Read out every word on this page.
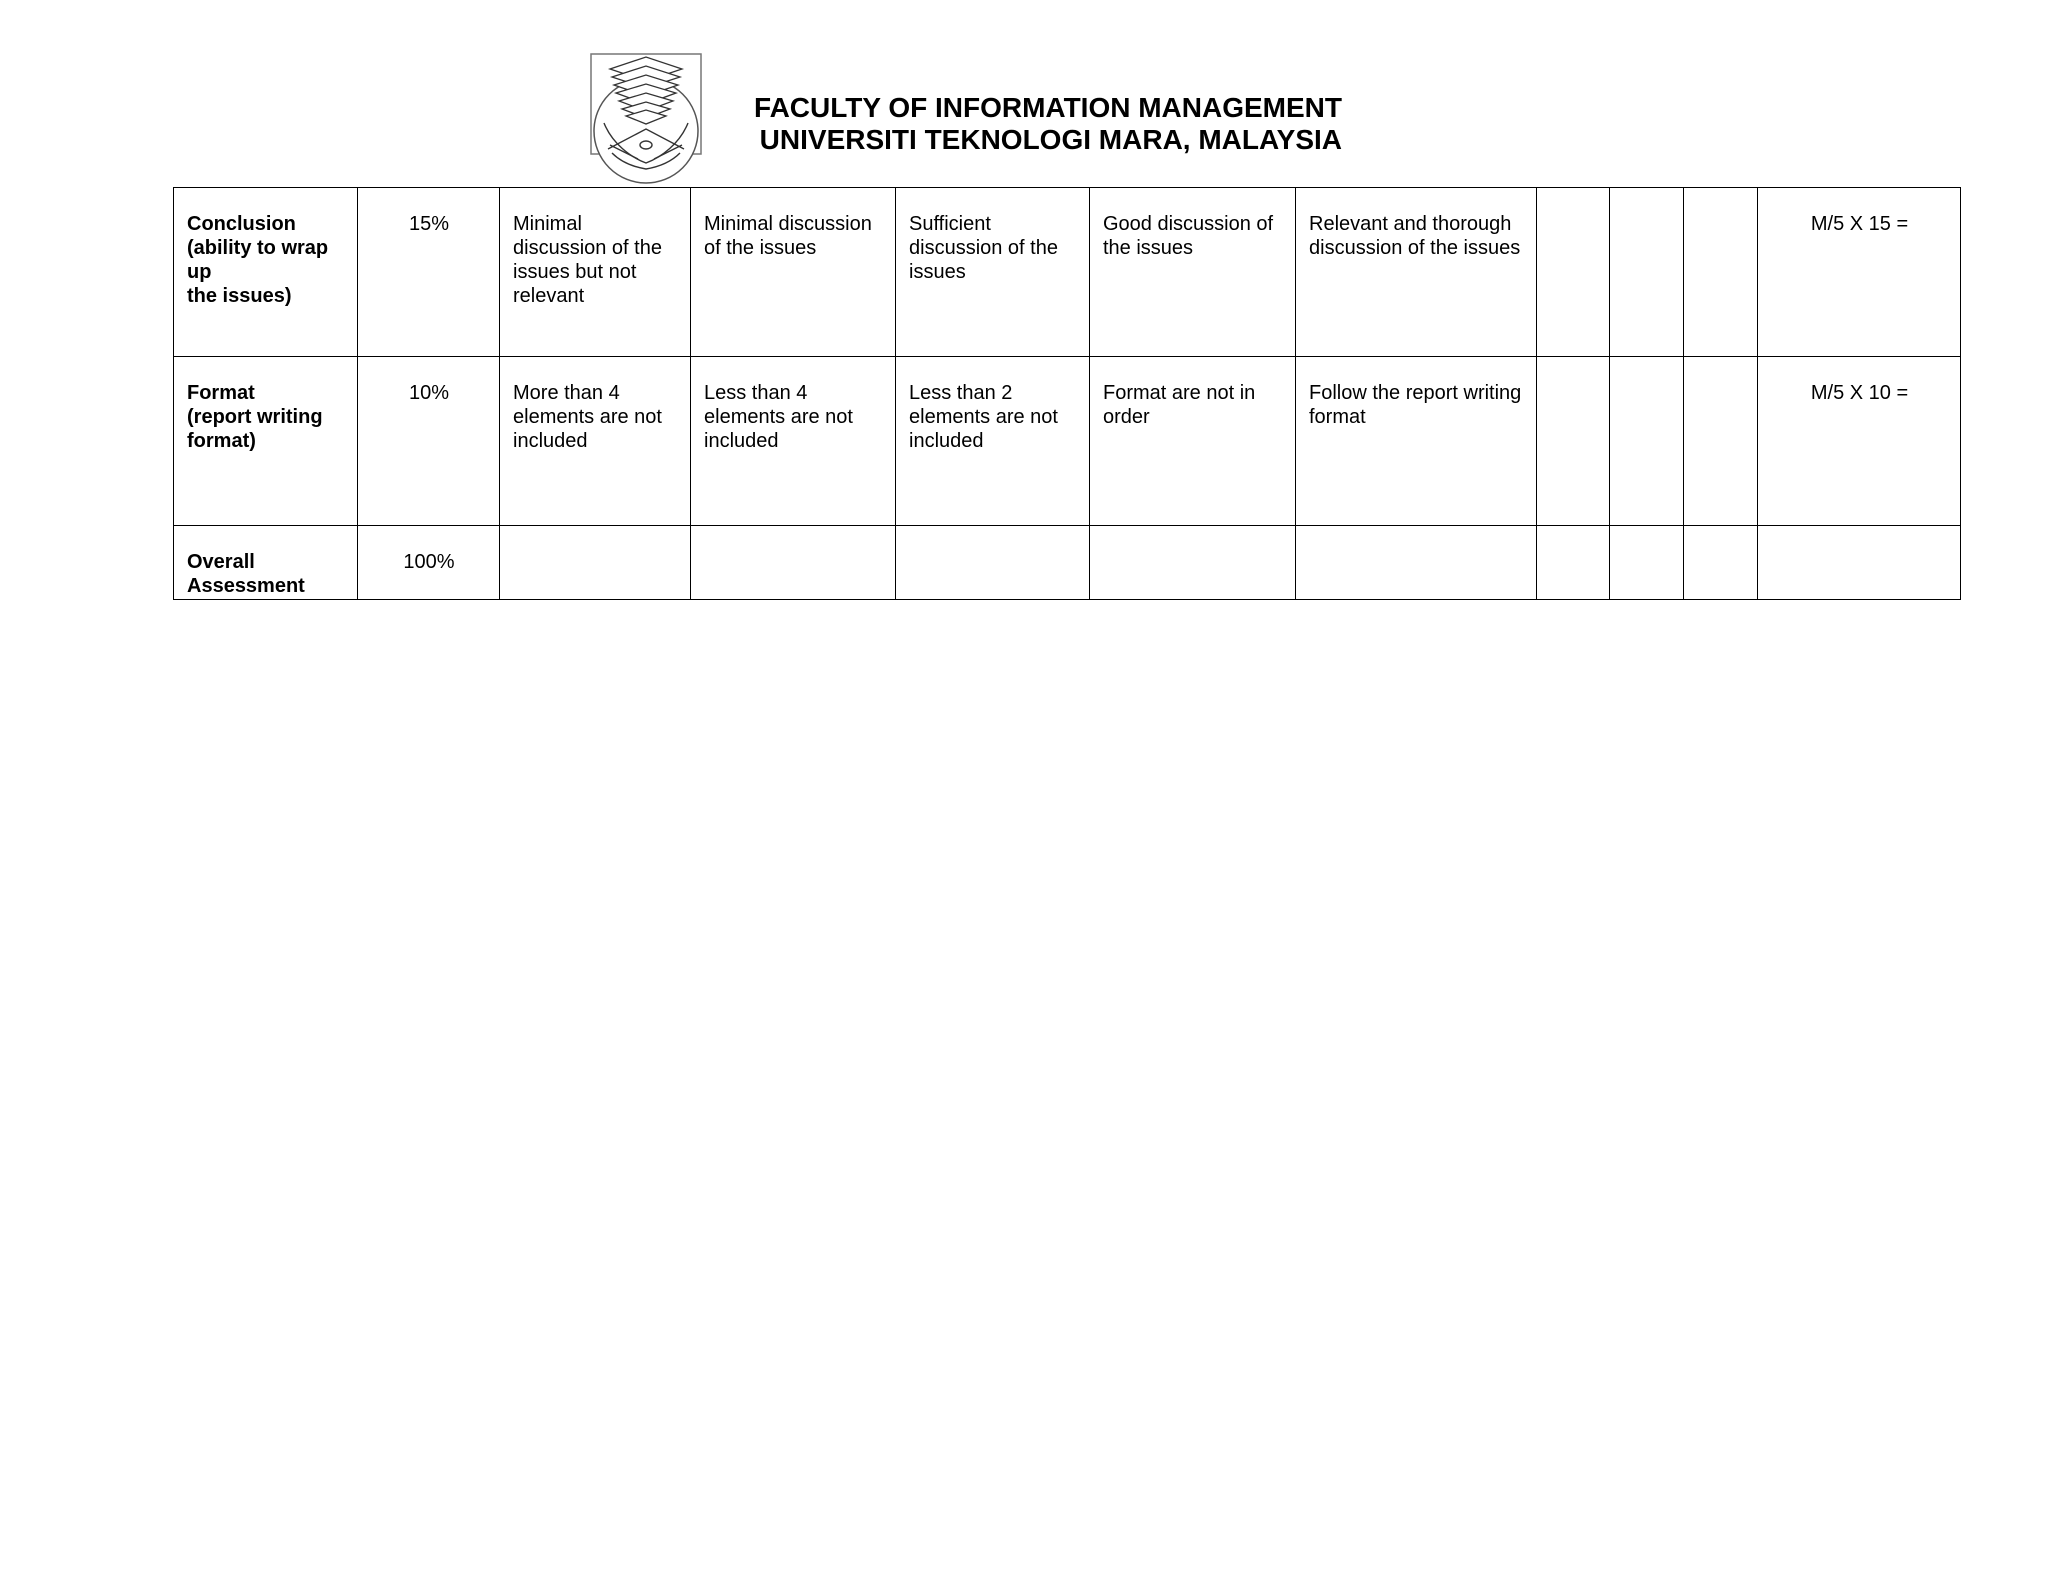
FACULTY OF INFORMATION MANAGEMENT
UNIVERSITI TEKNOLOGI MARA, MALAYSIA
Conclusion
(ability to wrap
up
the issues)	15%	Minimal discussion of the issues but not relevant	Minimal discussion of the issues	Sufficient discussion of the issues	Good discussion of the issues	Relevant and thorough discussion of the issues				M/5 X 15 =
Format
(report writing
format)	10%	More than 4 elements are not included	Less than 4 elements are not included	Less than 2 elements are not included	Format are not in order	Follow the report writing format				M/5 X 10 =
Overall
Assessment	100%									
